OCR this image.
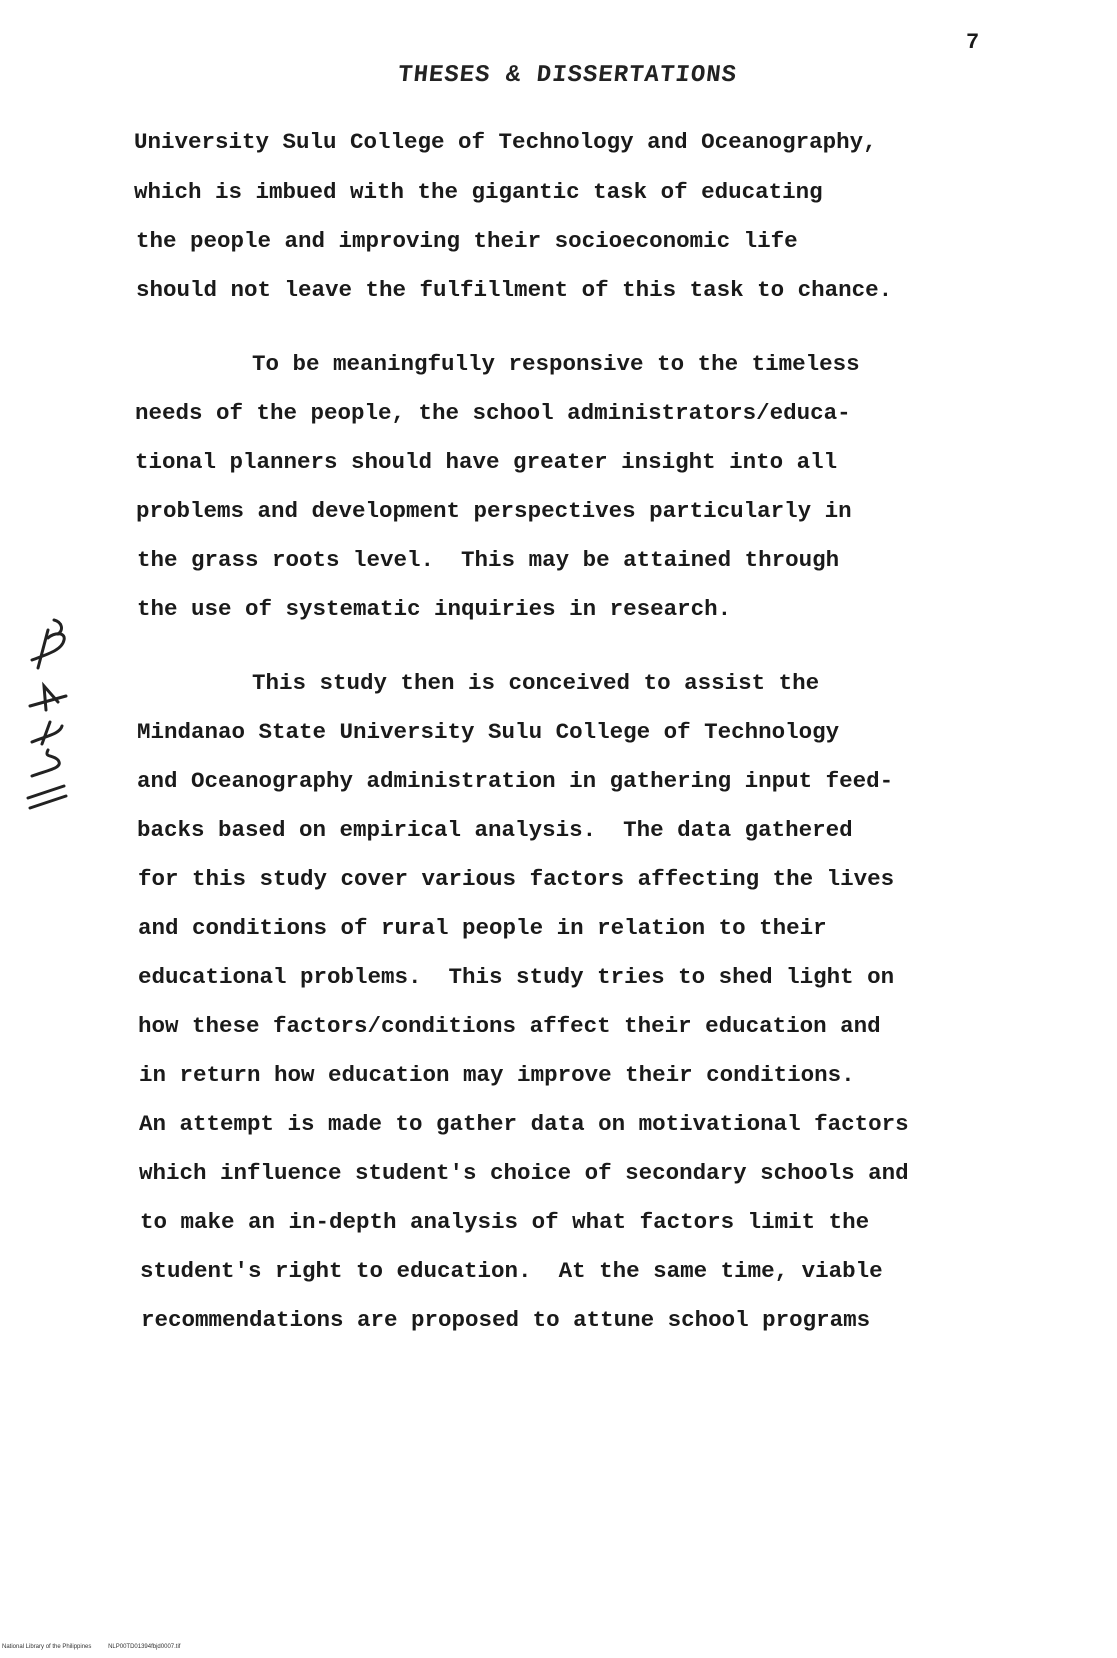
7
THESES & DISSERTATIONS
University Sulu College of Technology and Oceanography,
which is imbued with the gigantic task of educating
the people and improving their socioeconomic life
should not leave the fulfillment of this task to chance.
To be meaningfully responsive to the timeless
needs of the people, the school administrators/educa-
tional planners should have greater insight into all
problems and development perspectives particularly in
the grass roots level.  This may be attained through
the use of systematic inquiries in research.
This study then is conceived to assist the
Mindanao State University Sulu College of Technology
and Oceanography administration in gathering input feed-
backs based on empirical analysis.  The data gathered
for this study cover various factors affecting the lives
and conditions of rural people in relation to their
educational problems.  This study tries to shed light on
how these factors/conditions affect their education and
in return how education may improve their conditions.
An attempt is made to gather data on motivational factors
which influence student's choice of secondary schools and
to make an in-depth analysis of what factors limit the
student's right to education.  At the same time, viable
recommendations are proposed to attune school programs
National Library of the Philippines	NLP00TD01394fbjd0007.tif
